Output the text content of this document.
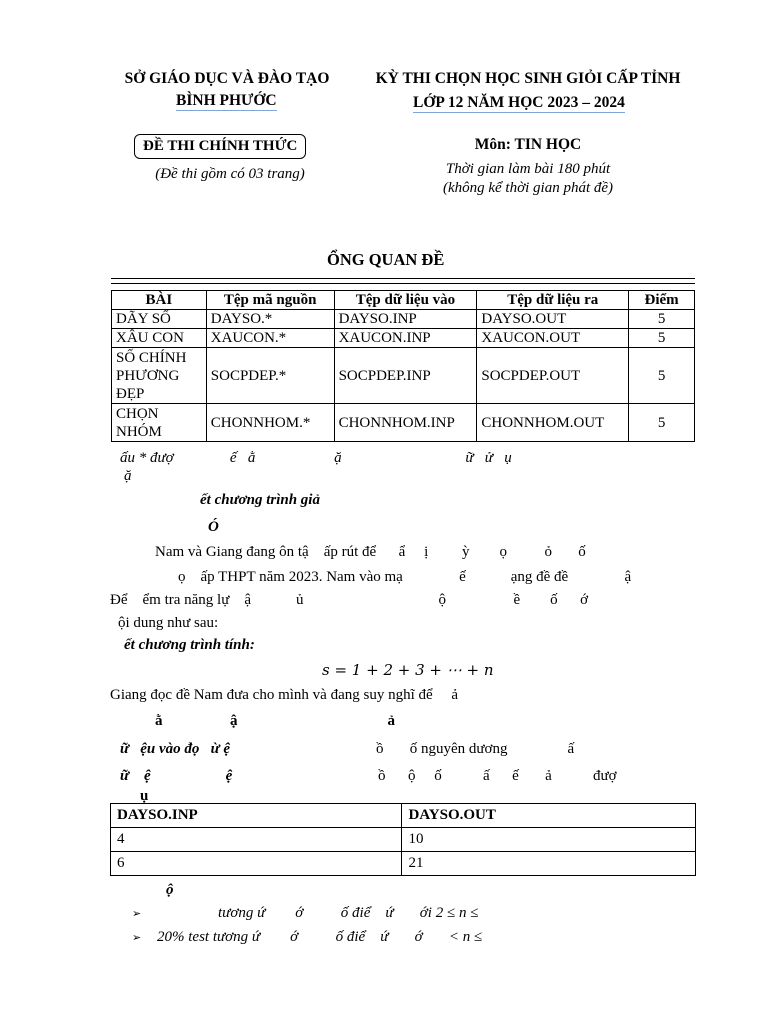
SỞ GIÁO DỤC VÀ ĐÀO TẠO
BÌNH PHƯỚC
KỲ THI CHỌN HỌC SINH GIỎI CẤP TỈNH
LỚP 12 NĂM HỌC 2023 – 2024
ĐỀ THI CHÍNH THỨC
(Đề thi gồm có 03 trang)
Môn: TIN HỌC
Thời gian làm bài 180 phút
(không kể thời gian phát đề)
ỔNG QUAN ĐỀ
BÀI	Tệp mã nguồn	Tệp dữ liệu vào	Tệp dữ liệu ra	Điểm
DÃY SỐ	DAYSO.*	DAYSO.INP	DAYSO.OUT	5
XÂU CON	XAUCON.*	XAUCON.INP	XAUCON.OUT	5
SỐ CHÍNH PHƯƠNG ĐẸP	SOCPDEP.*	SOCPDEP.INP	SOCPDEP.OUT	5
CHỌN NHÓM	CHONNHOM.*	CHONNHOM.INP	CHONNHOM.OUT	5
ấu * đượ               ế   ằ                     ặ                                 ữ   ử   ụ
ặ
ết chương trình giả
Ó
Nam và Giang đang ôn tậ    ấp rút để      ẩ     ị         ỳ        ọ          ỏ       ố
ọ    ấp THPT năm 2023. Nam vào mạ               ế            ạng đề đề               ậ
Để    ểm tra năng lự    ậ            ủ                                    ộ                  ề        ố      ớ
ội dung như sau:
ết chương trình tính:
s = 1 + 2 + 3 + ⋯ + n
Giang đọc đề Nam đưa cho mình và đang suy nghĩ để     ả
ằ                  ậ                                        ả
ữ   ệu vào đọ   ừ ệ	ồ       ố nguyên dương                ấ
ữ    ệ                    ệ	ồ      ộ     ố           ấ      ế       ả           đượ
ụ
DAYSO.INP	DAYSO.OUT
4	10
6	21
ộ
➢	tương ứ        ớ          ố điể    ứ       ới 2 ≤ n ≤
➢ 20% test tương ứ        ớ          ố điể    ứ       ớ       < n ≤
